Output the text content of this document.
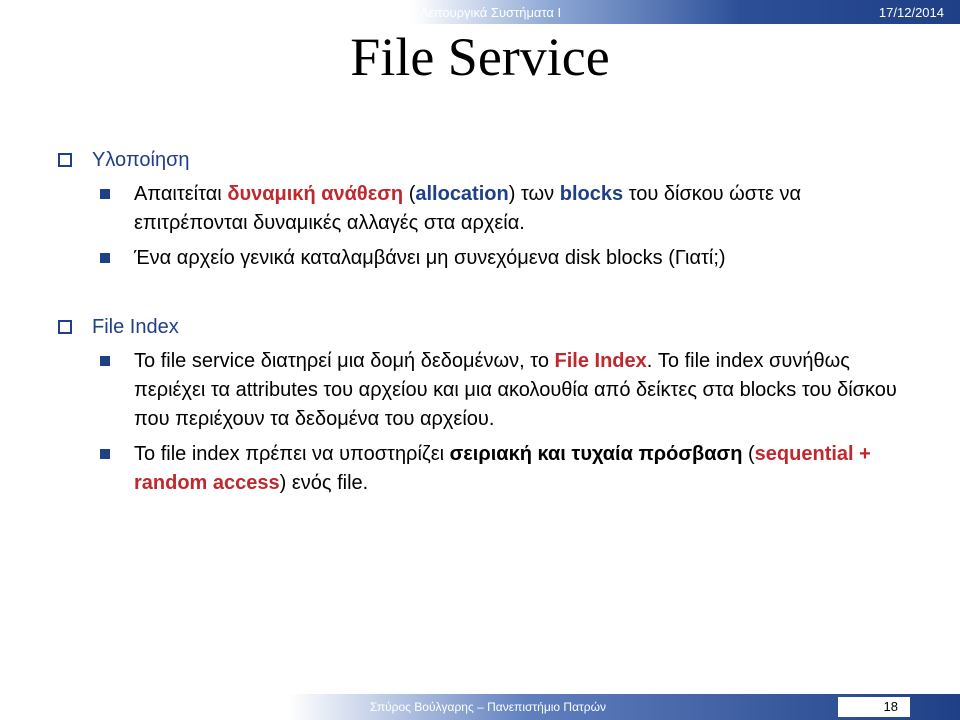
Λειτουργικά Συστήματα Ι	17/12/2014
File Service
Υλοποίηση
Απαιτείται δυναμική ανάθεση (allocation) των blocks του δίσκου ώστε να επιτρέπονται δυναμικές αλλαγές στα αρχεία.
Ένα αρχείο γενικά καταλαμβάνει μη συνεχόμενα disk blocks (Γιατί;)
File Index
Το file service διατηρεί μια δομή δεδομένων, το File Index. Το file index συνήθως περιέχει τα attributes του αρχείου και μια ακολουθία από δείκτες στα blocks του δίσκου που περιέχουν τα δεδομένα του αρχείου.
Το file index πρέπει να υποστηρίζει σειριακή και τυχαία πρόσβαση (sequential + random access) ενός file.
Σπύρος Βούλγαρης – Πανεπιστήμιο Πατρών	18
